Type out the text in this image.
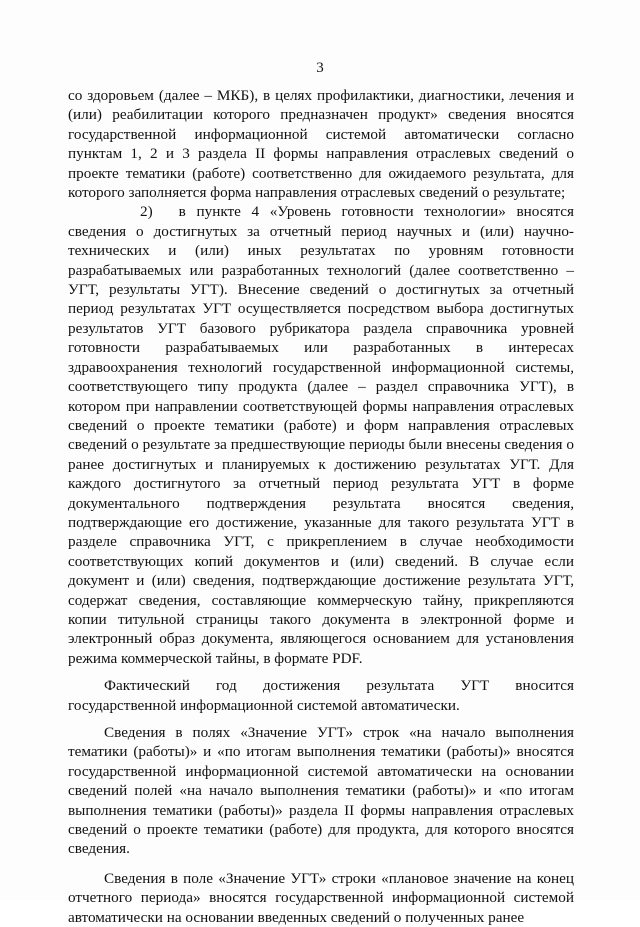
3

со здоровьем (далее – МКБ), в целях профилактики, диагностики, лечения и (или) реабилитации которого предназначен продукт» сведения вносятся государственной информационной системой автоматически согласно пунктам 1, 2 и 3 раздела II формы направления отраслевых сведений о проекте тематики (работе) соответственно для ожидаемого результата, для которого заполняется форма направления отраслевых сведений о результате;

2) в пункте 4 «Уровень готовности технологии» вносятся сведения о достигнутых за отчетный период научных и (или) научно-технических и (или) иных результатах по уровням готовности разрабатываемых или разработанных технологий (далее соответственно – УГТ, результаты УГТ). Внесение сведений о достигнутых за отчетный период результатах УГТ осуществляется посредством выбора достигнутых результатов УГТ базового рубрикатора раздела справочника уровней готовности разрабатываемых или разработанных в интересах здравоохранения технологий государственной информационной системы, соответствующего типу продукта (далее – раздел справочника УГТ), в котором при направлении соответствующей формы направления отраслевых сведений о проекте тематики (работе) и форм направления отраслевых сведений о результате за предшествующие периоды были внесены сведения о ранее достигнутых и планируемых к достижению результатах УГТ. Для каждого достигнутого за отчетный период результата УГТ в форме документального подтверждения результата вносятся сведения, подтверждающие его достижение, указанные для такого результата УГТ в разделе справочника УГТ, с прикреплением в случае необходимости соответствующих копий документов и (или) сведений. В случае если документ и (или) сведения, подтверждающие достижение результата УГТ, содержат сведения, составляющие коммерческую тайну, прикрепляются копии титульной страницы такого документа в электронной форме и электронный образ документа, являющегося основанием для установления режима коммерческой тайны, в формате PDF.

Фактический год достижения результата УГТ вносится государственной информационной системой автоматически.

Сведения в полях «Значение УГТ» строк «на начало выполнения тематики (работы)» и «по итогам выполнения тематики (работы)» вносятся государственной информационной системой автоматически на основании сведений полей «на начало выполнения тематики (работы)» и «по итогам выполнения тематики (работы)» раздела II формы направления отраслевых сведений о проекте тематики (работе) для продукта, для которого вносятся сведения.

Сведения в поле «Значение УГТ» строки «плановое значение на конец отчетного периода» вносятся государственной информационной системой автоматически на основании введенных сведений о полученных ранее
